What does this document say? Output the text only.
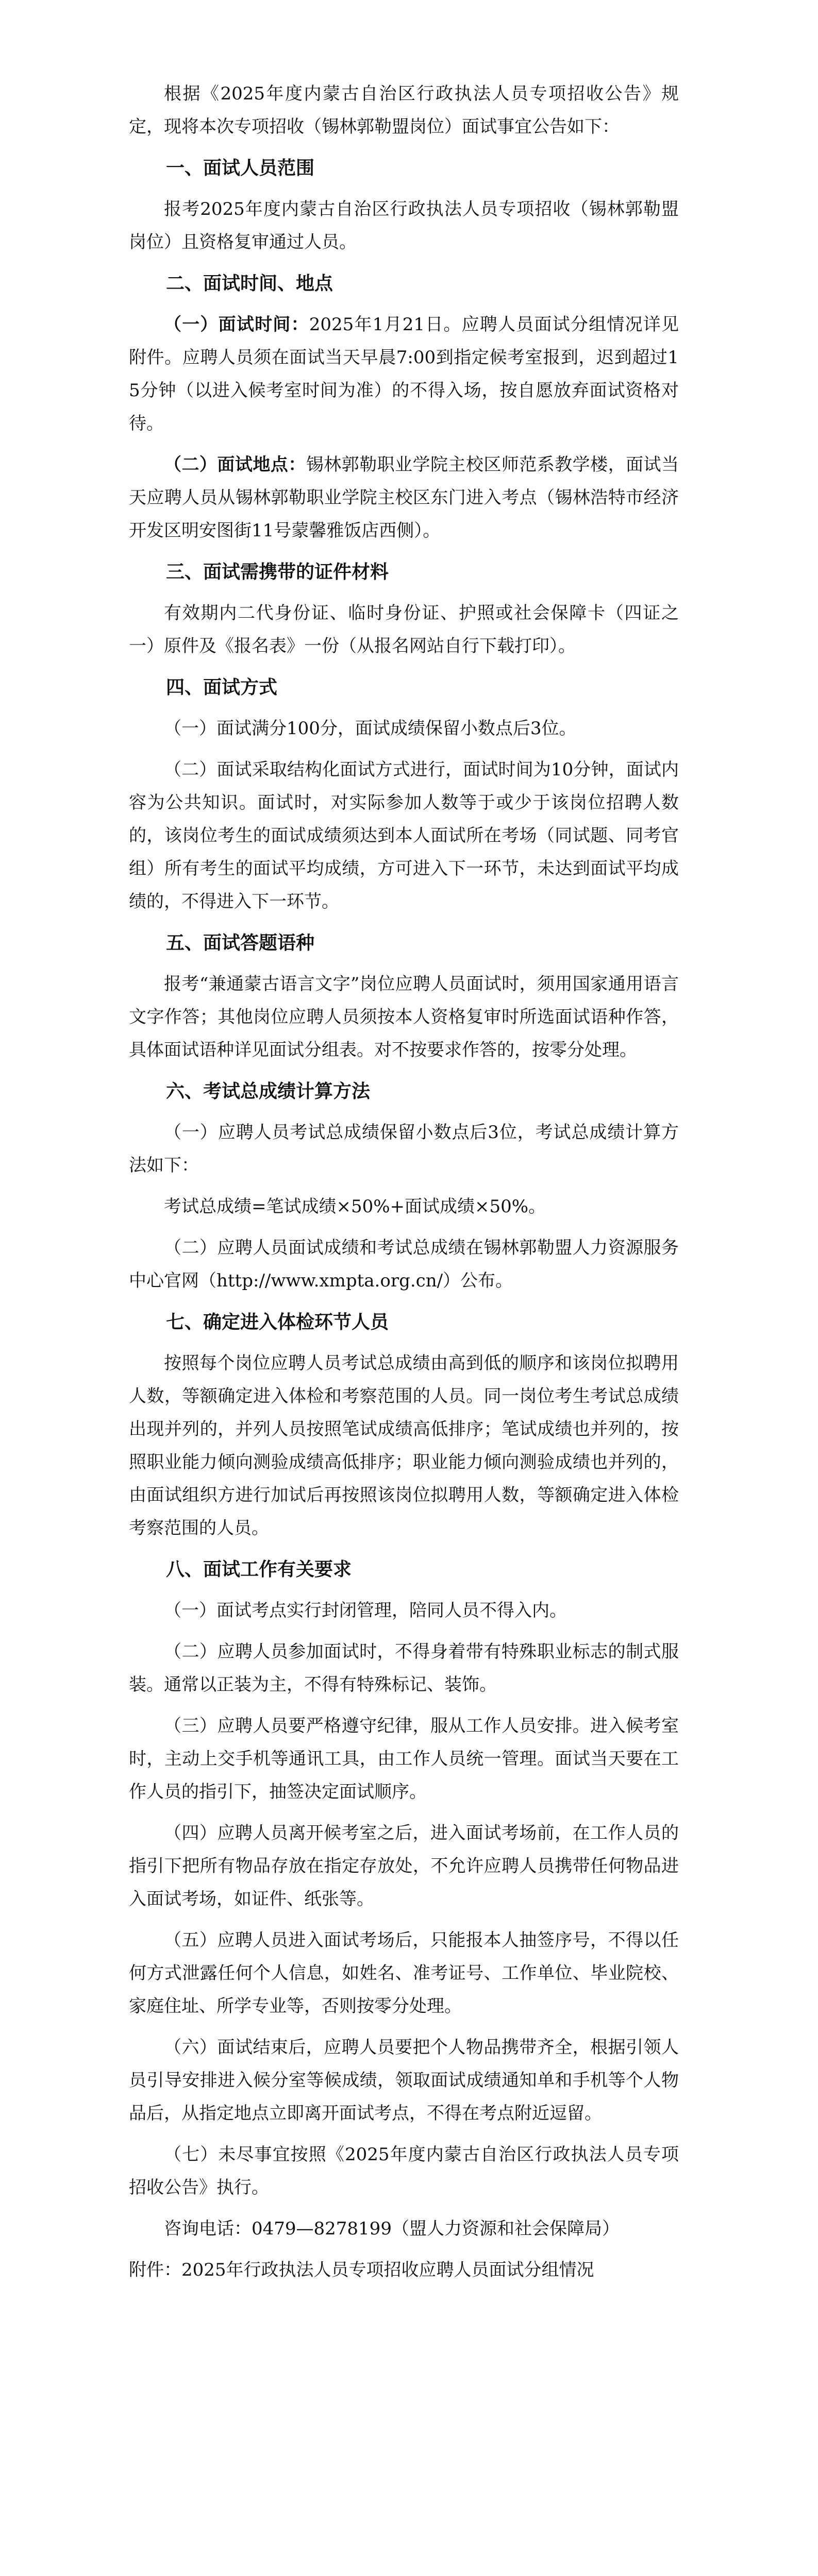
根据《2025年度内蒙古自治区行政执法人员专项招收公告》规定，现将本次专项招收（锡林郭勒盟岗位）面试事宜公告如下：

一、面试人员范围

报考2025年度内蒙古自治区行政执法人员专项招收（锡林郭勒盟岗位）且资格复审通过人员。

二、面试时间、地点

（一）面试时间：2025年1月21日。应聘人员面试分组情况详见附件。应聘人员须在面试当天早晨7:00到指定候考室报到，迟到超过15分钟（以进入候考室时间为准）的不得入场，按自愿放弃面试资格对待。

（二）面试地点：锡林郭勒职业学院主校区师范系教学楼，面试当天应聘人员从锡林郭勒职业学院主校区东门进入考点（锡林浩特市经济开发区明安图街11号蒙馨雅饭店西侧）。

三、面试需携带的证件材料

有效期内二代身份证、临时身份证、护照或社会保障卡（四证之一）原件及《报名表》一份（从报名网站自行下载打印）。

四、面试方式

（一）面试满分100分，面试成绩保留小数点后3位。

（二）面试采取结构化面试方式进行，面试时间为10分钟，面试内容为公共知识。面试时，对实际参加人数等于或少于该岗位招聘人数的，该岗位考生的面试成绩须达到本人面试所在考场（同试题、同考官组）所有考生的面试平均成绩，方可进入下一环节，未达到面试平均成绩的，不得进入下一环节。

五、面试答题语种

报考“兼通蒙古语言文字”岗位应聘人员面试时，须用国家通用语言文字作答；其他岗位应聘人员须按本人资格复审时所选面试语种作答，具体面试语种详见面试分组表。对不按要求作答的，按零分处理。

六、考试总成绩计算方法

（一）应聘人员考试总成绩保留小数点后3位，考试总成绩计算方法如下：

考试总成绩=笔试成绩×50%+面试成绩×50%。

（二）应聘人员面试成绩和考试总成绩在锡林郭勒盟人力资源服务中心官网（http://www.xmpta.org.cn/）公布。

七、确定进入体检环节人员

按照每个岗位应聘人员考试总成绩由高到低的顺序和该岗位拟聘用人数，等额确定进入体检和考察范围的人员。同一岗位考生考试总成绩出现并列的，并列人员按照笔试成绩高低排序；笔试成绩也并列的，按照职业能力倾向测验成绩高低排序；职业能力倾向测验成绩也并列的，由面试组织方进行加试后再按照该岗位拟聘用人数，等额确定进入体检考察范围的人员。

八、面试工作有关要求

（一）面试考点实行封闭管理，陪同人员不得入内。

（二）应聘人员参加面试时，不得身着带有特殊职业标志的制式服装。通常以正装为主，不得有特殊标记、装饰。

（三）应聘人员要严格遵守纪律，服从工作人员安排。进入候考室时，主动上交手机等通讯工具，由工作人员统一管理。面试当天要在工作人员的指引下，抽签决定面试顺序。

（四）应聘人员离开候考室之后，进入面试考场前，在工作人员的指引下把所有物品存放在指定存放处，不允许应聘人员携带任何物品进入面试考场，如证件、纸张等。

（五）应聘人员进入面试考场后，只能报本人抽签序号，不得以任何方式泄露任何个人信息，如姓名、准考证号、工作单位、毕业院校、家庭住址、所学专业等，否则按零分处理。

（六）面试结束后，应聘人员要把个人物品携带齐全，根据引领人员引导安排进入候分室等候成绩，领取面试成绩通知单和手机等个人物品后，从指定地点立即离开面试考点，不得在考点附近逗留。

（七）未尽事宜按照《2025年度内蒙古自治区行政执法人员专项招收公告》执行。

咨询电话：0479—8278199（盟人力资源和社会保障局）

附件：2025年行政执法人员专项招收应聘人员面试分组情况
